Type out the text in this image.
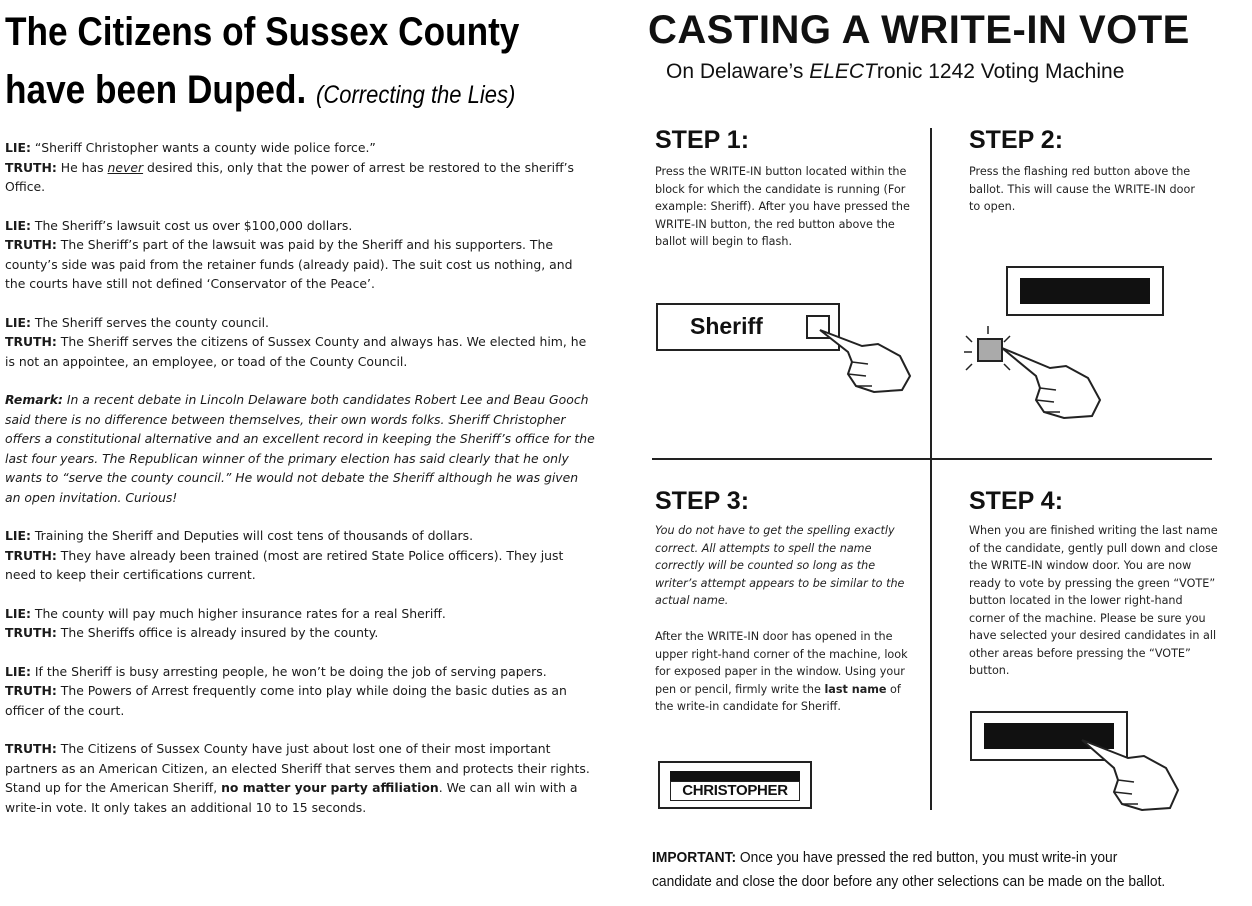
The Citizens of Sussex County
have been Duped. (Correcting the Lies)

LIE: “Sheriff Christopher wants a county wide police force.”
TRUTH: He has never desired this, only that the power of arrest be restored to the sheriff’s Office.

LIE: The Sheriff’s lawsuit cost us over $100,000 dollars.
TRUTH: The Sheriff’s part of the lawsuit was paid by the Sheriff and his supporters. The county’s side was paid from the retainer funds (already paid). The suit cost us nothing, and the courts have still not defined ‘Conservator of the Peace’.

LIE: The Sheriff serves the county council.
TRUTH: The Sheriff serves the citizens of Sussex County and always has. We elected him, he is not an appointee, an employee, or toad of the County Council.

Remark: In a recent debate in Lincoln Delaware both candidates Robert Lee and Beau Gooch said there is no difference between themselves, their own words folks. Sheriff Christopher offers a constitutional alternative and an excellent record in keeping the Sheriff’s office for the last four years. The Republican winner of the primary election has said clearly that he only wants to “serve the county council.” He would not debate the Sheriff although he was given an open invitation. Curious!

LIE: Training the Sheriff and Deputies will cost tens of thousands of dollars.
TRUTH: They have already been trained (most are retired State Police officers). They just need to keep their certifications current.

LIE: The county will pay much higher insurance rates for a real Sheriff.
TRUTH: The Sheriffs office is already insured by the county.

LIE: If the Sheriff is busy arresting people, he won’t be doing the job of serving papers.
TRUTH: The Powers of Arrest frequently come into play while doing the basic duties as an officer of the court.

TRUTH: The Citizens of Sussex County have just about lost one of their most important partners as an American Citizen, an elected Sheriff that serves them and protects their rights. Stand up for the American Sheriff, no matter your party affiliation. We can all win with a write-in vote. It only takes an additional 10 to 15 seconds.

CASTING A WRITE-IN VOTE
On Delaware’s ELECTronic 1242 Voting Machine
STEP 1:
Press the WRITE-IN button located within the block for which the candidate is running (For example: Sheriff). After you have pressed the WRITE-IN button, the red button above the ballot will begin to flash.
Sheriff
STEP 2:
Press the flashing red button above the ballot. This will cause the WRITE-IN door to open.
STEP 3:
You do not have to get the spelling exactly correct. All attempts to spell the name correctly will be counted so long as the writer’s attempt appears to be similar to the actual name.
After the WRITE-IN door has opened in the upper right-hand corner of the machine, look for exposed paper in the window. Using your pen or pencil, firmly write the last name of the write-in candidate for Sheriff.
CHRISTOPHER
STEP 4:
When you are finished writing the last name of the candidate, gently pull down and close the WRITE-IN window door. You are now ready to vote by pressing the green “VOTE” button located in the lower right-hand corner of the machine. Please be sure you have selected your desired candidates in all other areas before pressing the “VOTE” button.
IMPORTANT: Once you have pressed the red button, you must write-in your candidate and close the door before any other selections can be made on the ballot.
